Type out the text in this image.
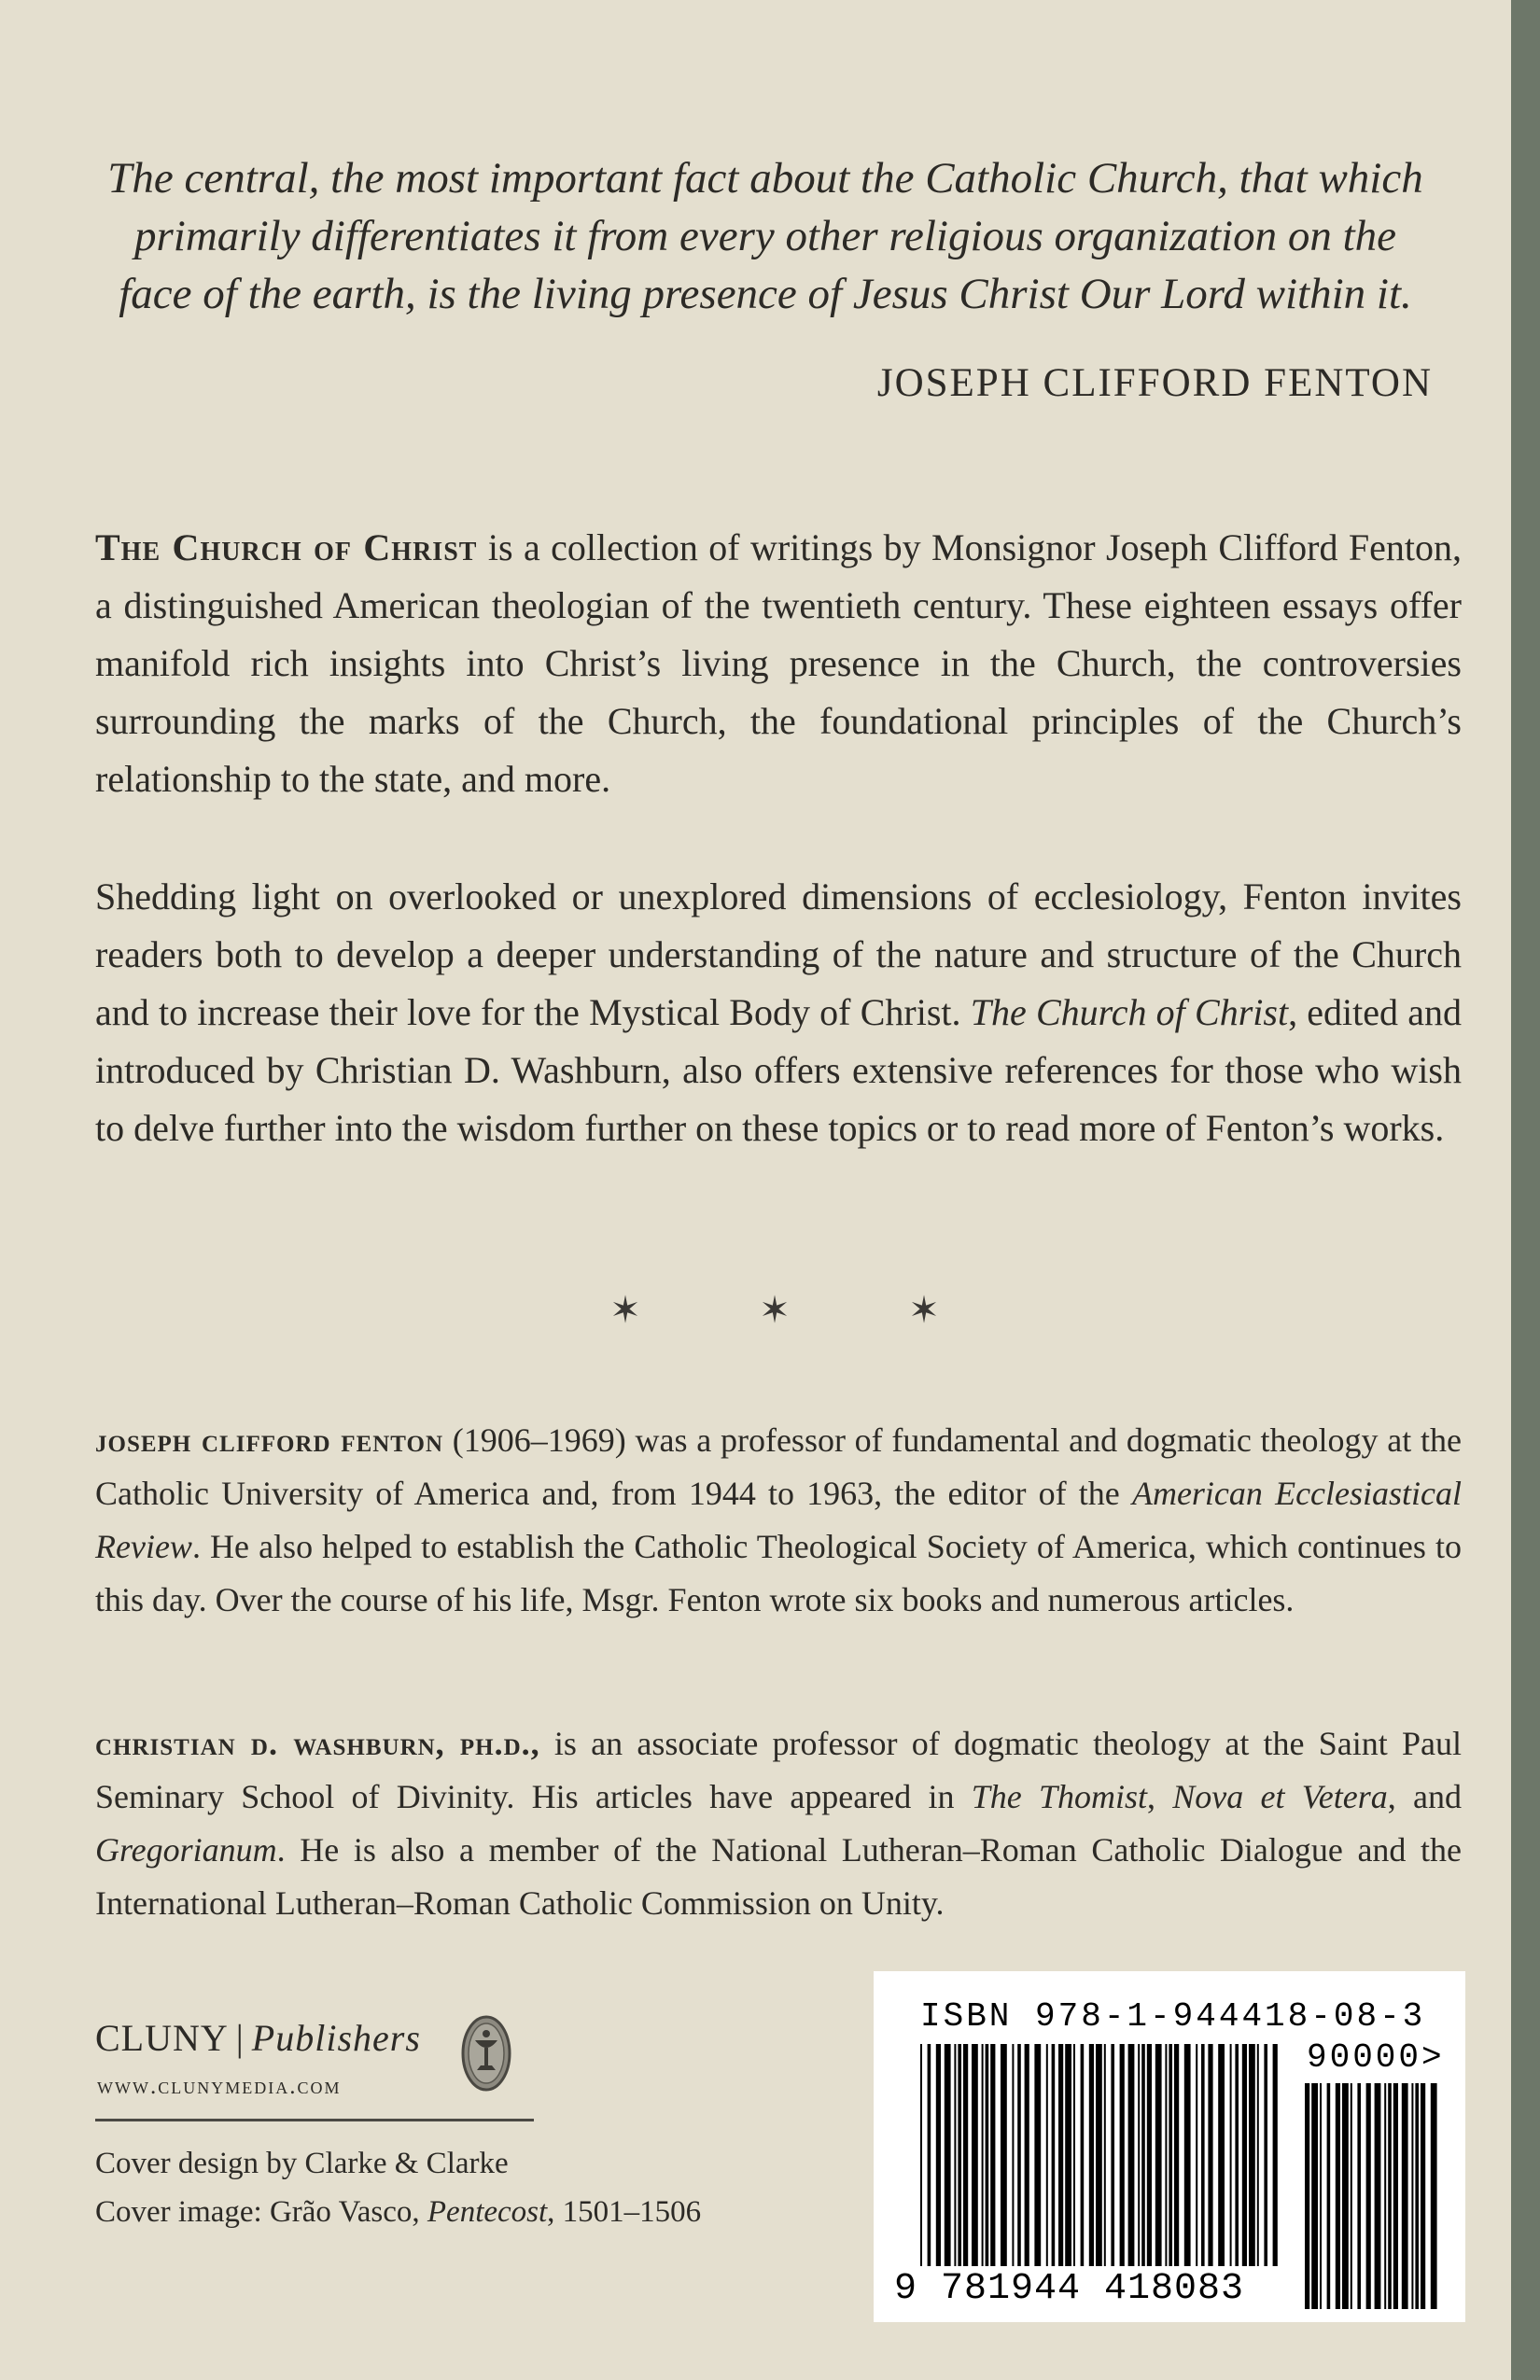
The central, the most important fact about the Catholic Church, that which primarily differentiates it from every other religious organization on the face of the earth, is the living presence of Jesus Christ Our Lord within it.
JOSEPH CLIFFORD FENTON

The Church of Christ is a collection of writings by Monsignor Joseph Clifford Fenton, a distinguished American theologian of the twentieth century. These eighteen essays offer manifold rich insights into Christ’s living presence in the Church, the controversies surrounding the marks of the Church, the foundational principles of the Church’s relationship to the state, and more.

Shedding light on overlooked or unexplored dimensions of ecclesiology, Fenton invites readers both to develop a deeper understanding of the nature and structure of the Church and to increase their love for the Mystical Body of Christ. The Church of Christ, edited and introduced by Christian D. Washburn, also offers extensive references for those who wish to delve further into the wisdom further on these topics or to read more of Fenton’s works.

✶	✶	✶

joseph clifford fenton (1906–1969) was a professor of fundamental and dogmatic theology at the Catholic University of America and, from 1944 to 1963, the editor of the American Ecclesiastical Review. He also helped to establish the Catholic Theological Society of America, which continues to this day. Over the course of his life, Msgr. Fenton wrote six books and numerous articles.

christian d. washburn, ph.d., is an associate professor of dogmatic theology at the Saint Paul Seminary School of Divinity. His articles have appeared in The Thomist, Nova et Vetera, and Gregorianum. He is also a member of the National Lutheran–Roman Catholic Dialogue and the International Lutheran–Roman Catholic Commission on Unity.

CLUNY | Publishers
www.clunymedia.com
Cover design by Clarke & Clarke
Cover image: Grão Vasco, Pentecost, 1501–1506
ISBN 978-1-944418-08-3
90000>
9 781944 418083
